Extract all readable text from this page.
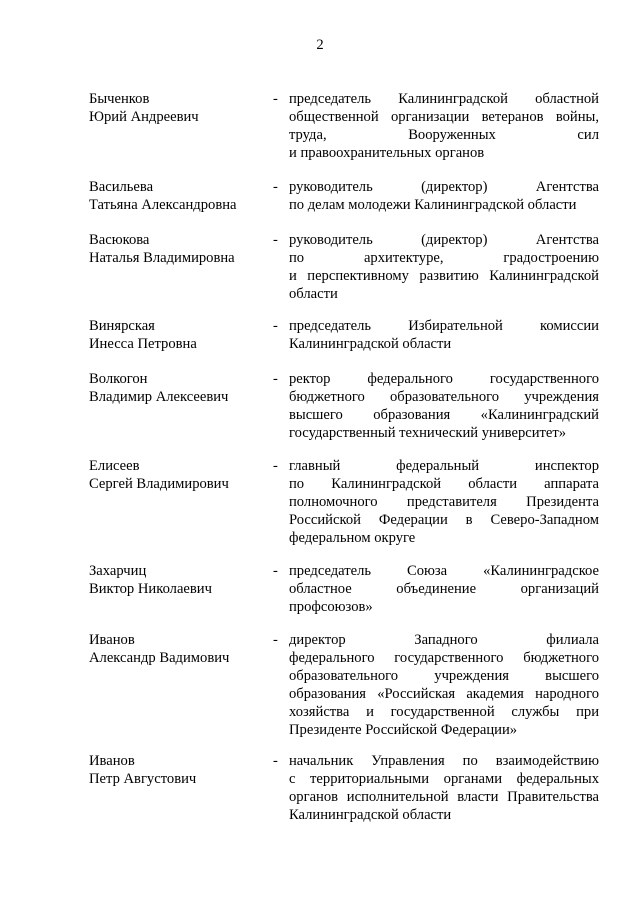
2
Быченков
Юрий Андреевич
- председатель Калининградской областной
общественной организации ветеранов войны,
труда, Вооруженных сил
и правоохранительных органов
Васильева
Татьяна Александровна
- руководитель (директор) Агентства
по делам молодежи Калининградской области
Васюкова
Наталья Владимировна
- руководитель (директор) Агентства
по архитектуре, градостроению
и перспективному развитию Калининградской
области
Винярская
Инесса Петровна
- председатель Избирательной комиссии
Калининградской области
Волкогон
Владимир Алексеевич
- ректор федерального государственного
бюджетного образовательного учреждения
высшего образования «Калининградский
государственный технический университет»
Елисеев
Сергей Владимирович
- главный федеральный инспектор
по Калининградской области аппарата
полномочного представителя Президента
Российской Федерации в Северо-Западном
федеральном округе
Захарчиц
Виктор Николаевич
- председатель Союза «Калининградское
областное объединение организаций
профсоюзов»
Иванов
Александр Вадимович
- директор Западного филиала
федерального государственного бюджетного
образовательного учреждения высшего
образования «Российская академия народного
хозяйства и государственной службы при
Президенте Российской Федерации»
Иванов
Петр Августович
- начальник Управления по взаимодействию
с территориальными органами федеральных
органов исполнительной власти Правительства
Калининградской области
